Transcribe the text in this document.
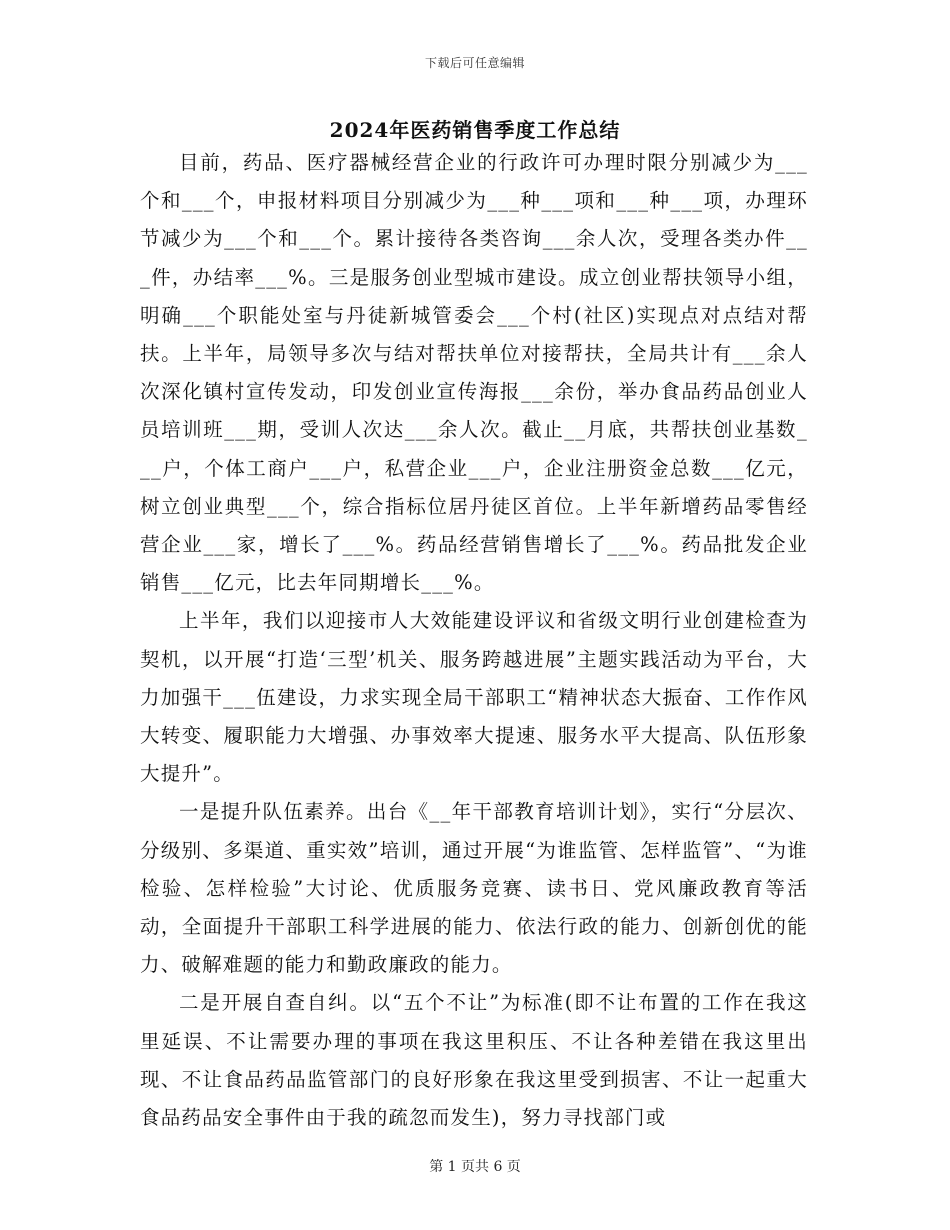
下载后可任意编辑
2024年医药销售季度工作总结

目前，药品、医疗器械经营企业的行政许可办理时限分别减少为___个和___个，申报材料项目分别减少为___种___项和___种___项，办理环节减少为___个和___个。累计接待各类咨询___余人次，受理各类办件___件，办结率___%。三是服务创业型城市建设。成立创业帮扶领导小组，明确___个职能处室与丹徒新城管委会___个村(社区)实现点对点结对帮扶。上半年，局领导多次与结对帮扶单位对接帮扶，全局共计有___余人次深化镇村宣传发动，印发创业宣传海报___余份，举办食品药品创业人员培训班___期，受训人次达___余人次。截止__月底，共帮扶创业基数___户，个体工商户___户，私营企业___户，企业注册资金总数___亿元，树立创业典型___个，综合指标位居丹徒区首位。上半年新增药品零售经营企业___家，增长了___%。药品经营销售增长了___%。药品批发企业销售___亿元，比去年同期增长___%。

上半年，我们以迎接市人大效能建设评议和省级文明行业创建检查为契机，以开展“打造‘三型’机关、服务跨越进展”主题实践活动为平台，大力加强干___伍建设，力求实现全局干部职工“精神状态大振奋、工作作风大转变、履职能力大增强、办事效率大提速、服务水平大提高、队伍形象大提升”。

一是提升队伍素养。出台《__年干部教育培训计划》，实行“分层次、分级别、多渠道、重实效”培训，通过开展“为谁监管、怎样监管”、“为谁检验、怎样检验”大讨论、优质服务竞赛、读书日、党风廉政教育等活动，全面提升干部职工科学进展的能力、依法行政的能力、创新创优的能力、破解难题的能力和勤政廉政的能力。

二是开展自查自纠。以“五个不让”为标准(即不让布置的工作在我这里延误、不让需要办理的事项在我这里积压、不让各种差错在我这里出现、不让食品药品监管部门的良好形象在我这里受到损害、不让一起重大食品药品安全事件由于我的疏忽而发生)，努力寻找部门或

第 1 页共 6 页
